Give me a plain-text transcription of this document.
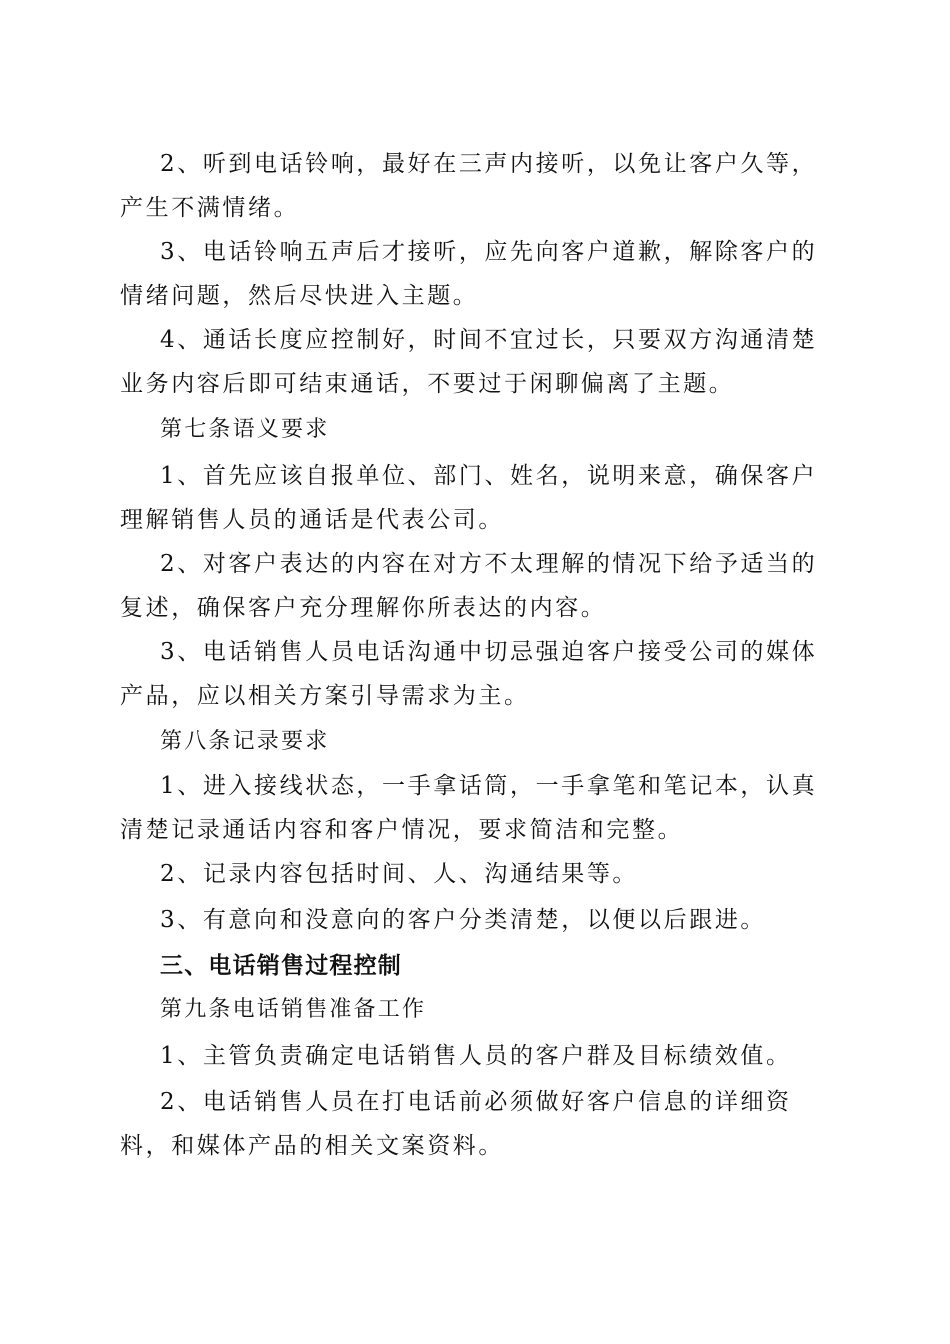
2、听到电话铃响，最好在三声内接听，以免让客户久等，产生不满情绪。

3、电话铃响五声后才接听，应先向客户道歉，解除客户的情绪问题，然后尽快进入主题。

4、通话长度应控制好，时间不宜过长，只要双方沟通清楚业务内容后即可结束通话，不要过于闲聊偏离了主题。

第七条语义要求

1、首先应该自报单位、部门、姓名，说明来意，确保客户理解销售人员的通话是代表公司。

2、对客户表达的内容在对方不太理解的情况下给予适当的复述，确保客户充分理解你所表达的内容。

3、电话销售人员电话沟通中切忌强迫客户接受公司的媒体产品，应以相关方案引导需求为主。

第八条记录要求

1、进入接线状态，一手拿话筒，一手拿笔和笔记本，认真清楚记录通话内容和客户情况，要求简洁和完整。

2、记录内容包括时间、人、沟通结果等。

3、有意向和没意向的客户分类清楚，以便以后跟进。

三、电话销售过程控制

第九条电话销售准备工作

1、主管负责确定电话销售人员的客户群及目标绩效值。

2、电话销售人员在打电话前必须做好客户信息的详细资料，和媒体产品的相关文案资料。
